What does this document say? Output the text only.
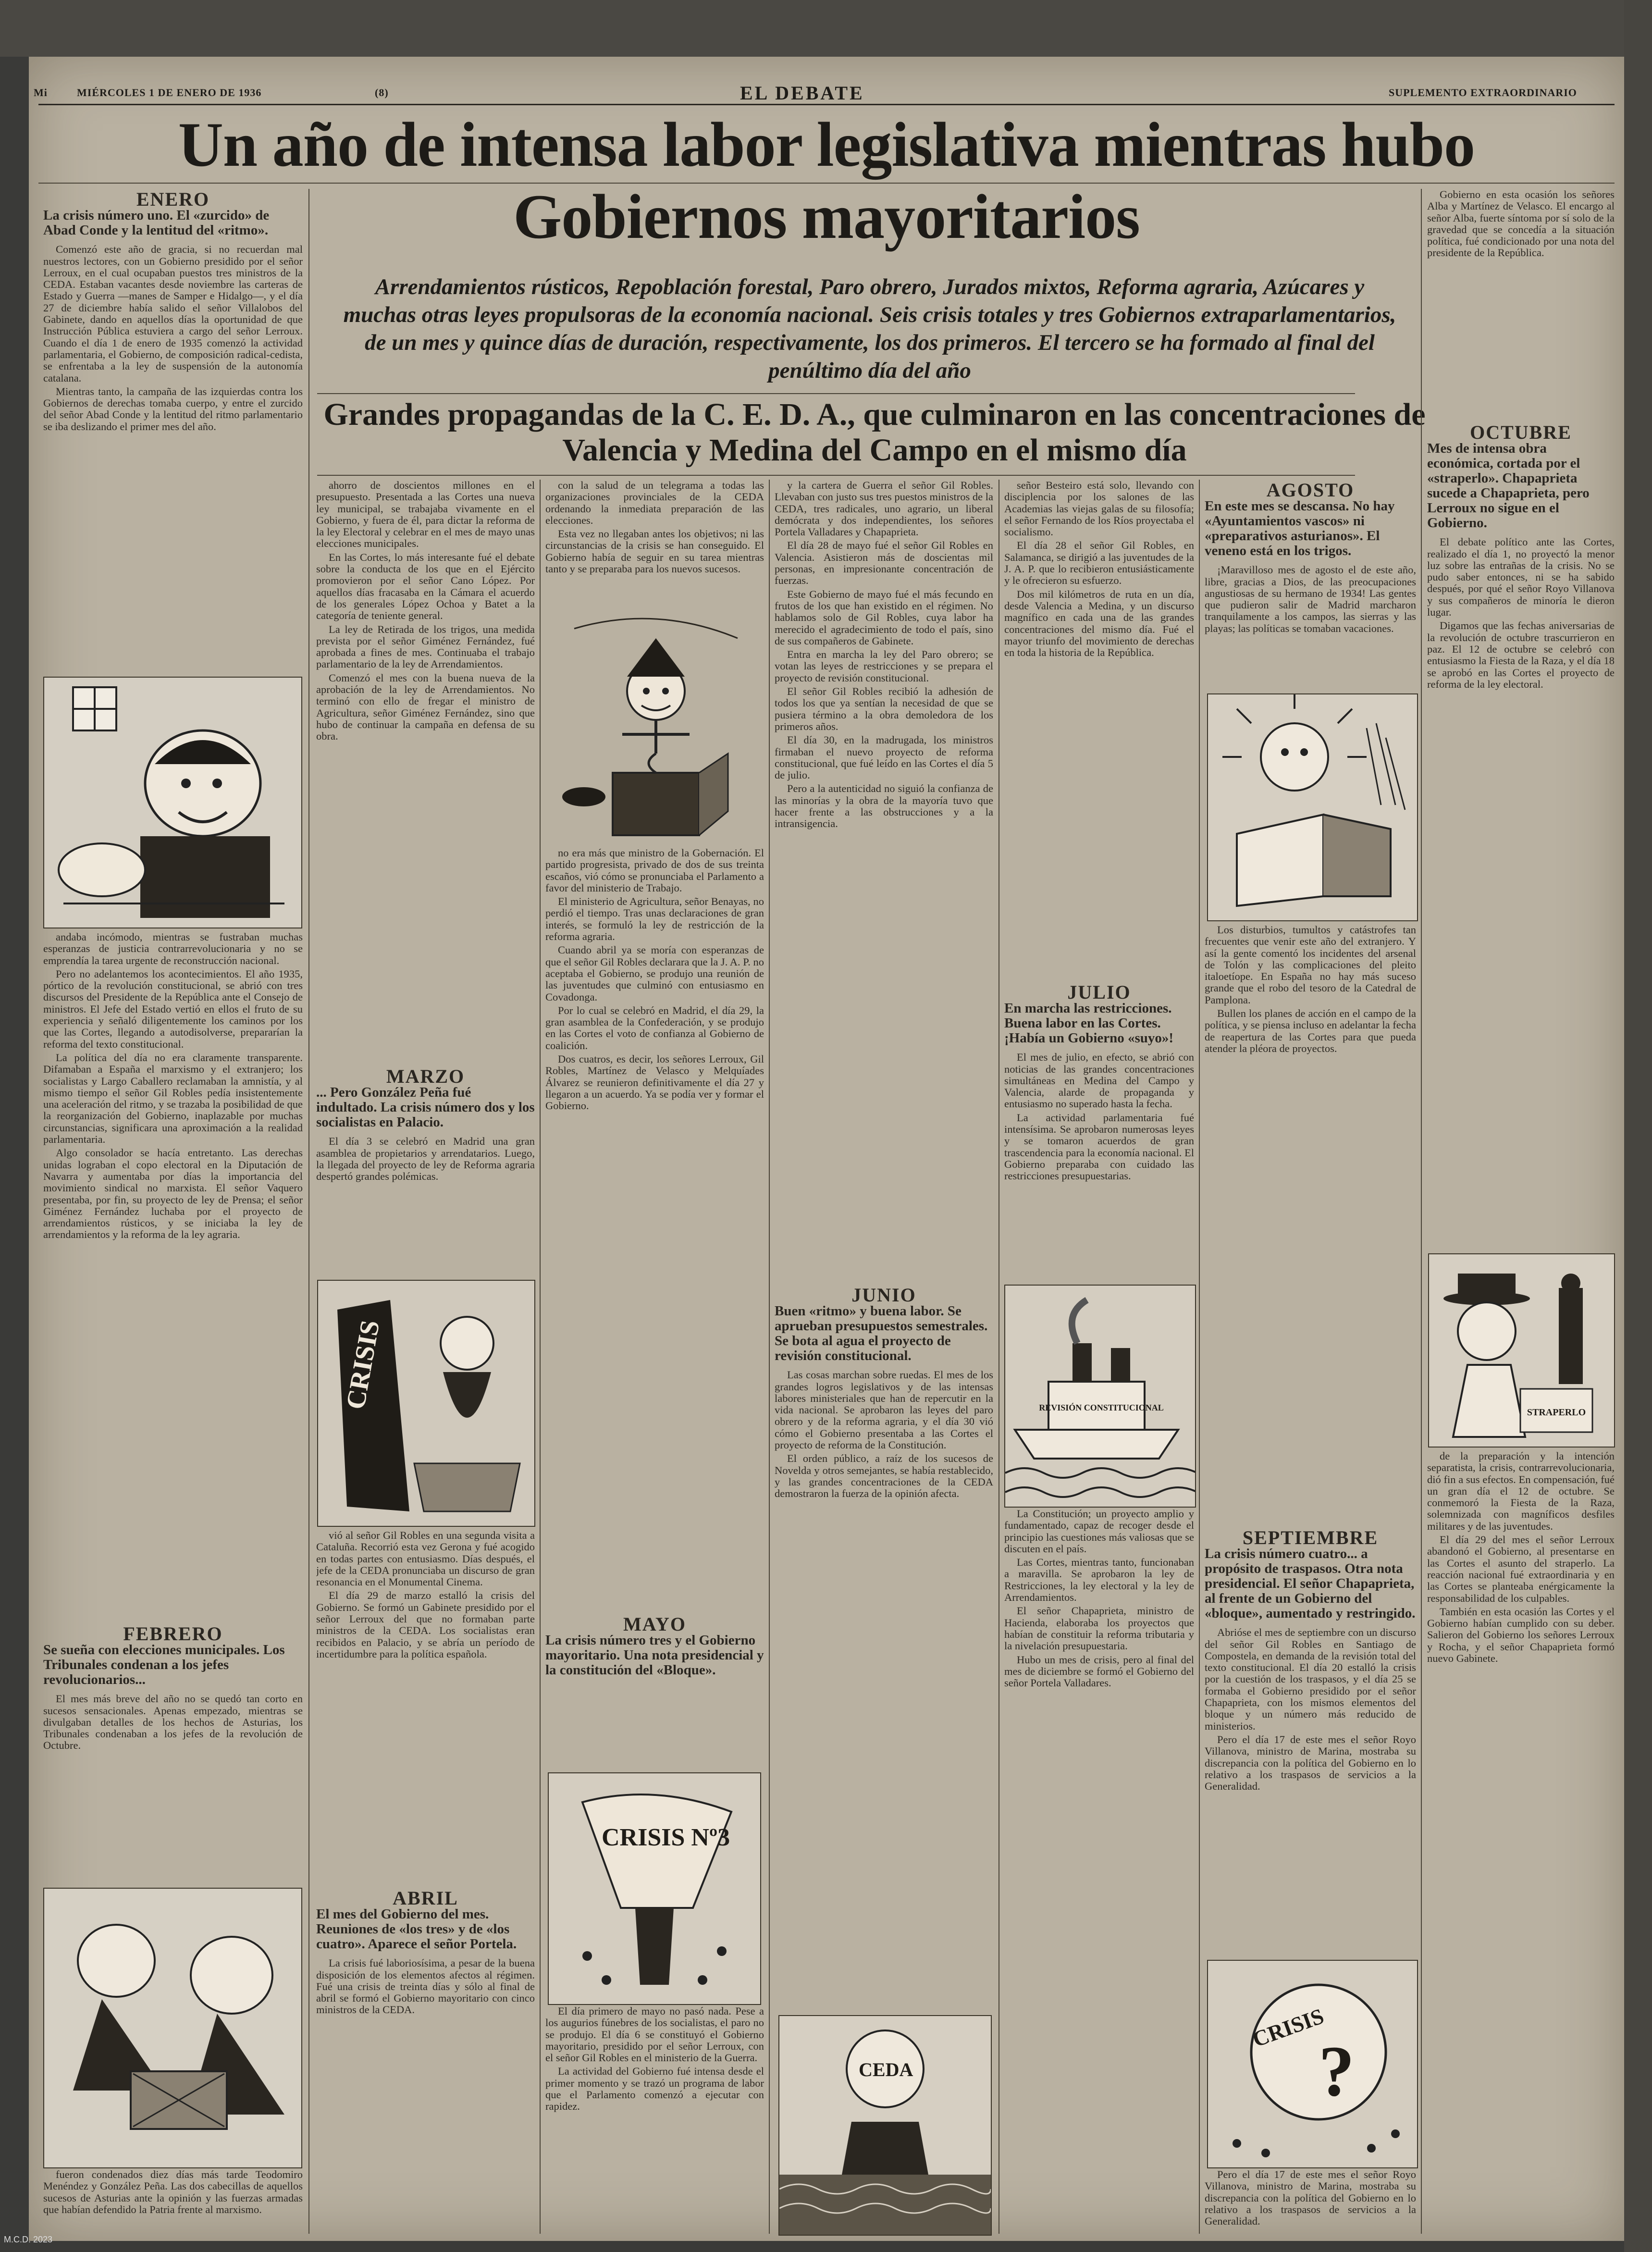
Mi	MIÉRCOLES 1 DE ENERO DE 1936	(8)	EL DEBATE	SUPLEMENTO EXTRAORDINARIO
Un año de intensa labor legislativa mientras hubo Gobiernos mayoritarios
ENERO
La crisis número uno. El «zurcido» de Abad Conde y la lentitud del «ritmo».

Comenzó este año de gracia, si no recuerdan mal nuestros lectores, con un Gobierno presidido por el señor Lerroux, en el cual ocupaban puestos tres ministros de la CEDA. Estaban vacantes desde noviembre las carteras de Estado y Guerra —manes de Samper e Hidalgo—, y el día 27 de diciembre había salido el señor Villalobos del Gabinete, dando en aquellos días la oportunidad de que Instrucción Pública estuviera a cargo del señor Lerroux. Cuando el día 1 de enero de 1935 comenzó la actividad parlamentaria, el Gobierno, de composición radical-cedista, se enfrentaba a la ley de suspensión de la autonomía catalana.

Mientras tanto, la campaña de las izquierdas contra los Gobiernos de derechas tomaba cuerpo, y entre el zurcido del señor Abad Conde y la lentitud del ritmo parlamentario se iba deslizando el primer mes del año.

andaba incómodo, mientras se fustraban muchas esperanzas de justicia contrarrevolucionaria y no se emprendía la tarea urgente de reconstrucción nacional.

Pero no adelantemos los acontecimientos. El año 1935, pórtico de la revolución constitucional, se abrió con tres discursos del Presidente de la República ante el Consejo de ministros. El Jefe del Estado vertió en ellos el fruto de su experiencia y señaló diligentemente los caminos por los que las Cortes, llegando a autodisolverse, prepararían la reforma del texto constitucional.

La política del día no era claramente transparente. Difamaban a España el marxismo y el extranjero; los socialistas y Largo Caballero reclamaban la amnistía, y al mismo tiempo el señor Gil Robles pedía insistentemente una aceleración del ritmo, y se trazaba la posibilidad de que la reorganización del Gobierno, inaplazable por muchas circunstancias, significara una aproximación a la realidad parlamentaria.

Algo consolador se hacía entretanto. Las derechas unidas lograban el copo electoral en la Diputación de Navarra y aumentaba por días la importancia del movimiento sindical no marxista. El señor Vaquero presentaba, por fin, su proyecto de ley de Prensa; el señor Giménez Fernández luchaba por el proyecto de arrendamientos rústicos, y se iniciaba la ley de arrendamientos y la reforma de la ley agraria.

FEBRERO
Se sueña con elecciones municipales. Los Tribunales condenan a los jefes revolucionarios...

El mes más breve del año no se quedó tan corto en sucesos sensacionales. Apenas empezado, mientras se divulgaban detalles de los hechos de Asturias, los Tribunales condenaban a los jefes de la revolución de Octubre.

fueron condenados diez días más tarde Teodomiro Menéndez y González Peña. Las dos cabecillas de aquellos sucesos de Asturias ante la opinión y las fuerzas armadas que habían defendido la Patria frente al marxismo.

Arrendamientos rústicos, Repoblación forestal, Paro obrero, Jurados mixtos, Reforma agraria, Azúcares y muchas otras leyes propulsoras de la economía nacional. Seis crisis totales y tres Gobiernos extraparlamentarios, de un mes y quince días de duración, respectivamente, los dos primeros. El tercero se ha formado al final del penúltimo día del año
Grandes propagandas de la C. E. D. A., que culminaron en las concentraciones de Valencia y Medina del Campo en el mismo día

ahorro de doscientos millones en el presupuesto. Presentada a las Cortes una nueva ley municipal, se trabajaba vivamente en el Gobierno, y fuera de él, para dictar la reforma de la ley Electoral y celebrar en el mes de mayo unas elecciones municipales.

En las Cortes, lo más interesante fué el debate sobre la conducta de los que en el Ejército promovieron por el señor Cano López. Por aquellos días fracasaba en la Cámara el acuerdo de los generales López Ochoa y Batet a la categoría de teniente general.

La ley de Retirada de los trigos, una medida prevista por el señor Giménez Fernández, fué aprobada a fines de mes. Continuaba el trabajo parlamentario de la ley de Arrendamientos.

Comenzó el mes con la buena nueva de la aprobación de la ley de Arrendamientos. No terminó con ello de fregar el ministro de Agricultura, señor Giménez Fernández, sino que hubo de continuar la campaña en defensa de su obra.

MARZO
... Pero González Peña fué indultado. La crisis número dos y los socialistas en Palacio.

El día 3 se celebró en Madrid una gran asamblea de propietarios y arrendatarios. Luego, la llegada del proyecto de ley de Reforma agraria despertó grandes polémicas.

CRISIS

vió al señor Gil Robles en una segunda visita a Cataluña. Recorrió esta vez Gerona y fué acogido en todas partes con entusiasmo. Días después, el jefe de la CEDA pronunciaba un discurso de gran resonancia en el Monumental Cinema.

El día 29 de marzo estalló la crisis del Gobierno. Se formó un Gabinete presidido por el señor Lerroux del que no formaban parte ministros de la CEDA. Los socialistas eran recibidos en Palacio, y se abría un período de incertidumbre para la política española.

ABRIL
El mes del Gobierno del mes. Reuniones de «los tres» y de «los cuatro». Aparece el señor Portela.

La crisis fué laboriosísima, a pesar de la buena disposición de los elementos afectos al régimen. Fué una crisis de treinta días y sólo al final de abril se formó el Gobierno mayoritario con cinco ministros de la CEDA.

con la salud de un telegrama a todas las organizaciones provinciales de la CEDA ordenando la inmediata preparación de las elecciones.

Esta vez no llegaban antes los objetivos; ni las circunstancias de la crisis se han conseguido. El Gobierno había de seguir en su tarea mientras tanto y se preparaba para los nuevos sucesos.

no era más que ministro de la Gobernación. El partido progresista, privado de dos de sus treinta escaños, vió cómo se pronunciaba el Parlamento a favor del ministerio de Trabajo.

El ministerio de Agricultura, señor Benayas, no perdió el tiempo. Tras unas declaraciones de gran interés, se formuló la ley de restricción de la reforma agraria.

Cuando abril ya se moría con esperanzas de que el señor Gil Robles declarara que la J. A. P. no aceptaba el Gobierno, se produjo una reunión de las juventudes que culminó con entusiasmo en Covadonga.

Por lo cual se celebró en Madrid, el día 29, la gran asamblea de la Confederación, y se produjo en las Cortes el voto de confianza al Gobierno de coalición.

Dos cuatros, es decir, los señores Lerroux, Gil Robles, Martínez de Velasco y Melquíades Álvarez se reunieron definitivamente el día 27 y llegaron a un acuerdo. Ya se podía ver y formar el Gobierno.

MAYO
La crisis número tres y el Gobierno mayoritario. Una nota presidencial y la constitución del «Bloque».
CRISIS Nº3

El día primero de mayo no pasó nada. Pese a los augurios fúnebres de los socialistas, el paro no se produjo. El día 6 se constituyó el Gobierno mayoritario, presidido por el señor Lerroux, con el señor Gil Robles en el ministerio de la Guerra.

La actividad del Gobierno fué intensa desde el primer momento y se trazó un programa de labor que el Parlamento comenzó a ejecutar con rapidez.

y la cartera de Guerra el señor Gil Robles. Llevaban con justo sus tres puestos ministros de la CEDA, tres radicales, uno agrario, un liberal demócrata y dos independientes, los señores Portela Valladares y Chapaprieta.

El día 28 de mayo fué el señor Gil Robles en Valencia. Asistieron más de doscientas mil personas, en impresionante concentración de fuerzas.

Este Gobierno de mayo fué el más fecundo en frutos de los que han existido en el régimen. No hablamos solo de Gil Robles, cuya labor ha merecido el agradecimiento de todo el país, sino de sus compañeros de Gabinete.

Entra en marcha la ley del Paro obrero; se votan las leyes de restricciones y se prepara el proyecto de revisión constitucional.

El señor Gil Robles recibió la adhesión de todos los que ya sentían la necesidad de que se pusiera término a la obra demoledora de los primeros años.

El día 30, en la madrugada, los ministros firmaban el nuevo proyecto de reforma constitucional, que fué leído en las Cortes el día 5 de julio.

Pero a la autenticidad no siguió la confianza de las minorías y la obra de la mayoría tuvo que hacer frente a las obstrucciones y a la intransigencia.

JUNIO
Buen «ritmo» y buena labor. Se aprueban presupuestos semestrales. Se bota al agua el proyecto de revisión constitucional.

Las cosas marchan sobre ruedas. El mes de los grandes logros legislativos y de las intensas labores ministeriales que han de repercutir en la vida nacional. Se aprobaron las leyes del paro obrero y de la reforma agraria, y el día 30 vió cómo el Gobierno presentaba a las Cortes el proyecto de reforma de la Constitución.

El orden público, a raíz de los sucesos de Novelda y otros semejantes, se había restablecido, y las grandes concentraciones de la CEDA demostraron la fuerza de la opinión afecta.

CEDA

señor Besteiro está solo, llevando con disciplencia por los salones de las Academias las viejas galas de su filosofía; el señor Fernando de los Ríos proyectaba el socialismo.

El día 28 el señor Gil Robles, en Salamanca, se dirigió a las juventudes de la J. A. P. que lo recibieron entusiásticamente y le ofrecieron su esfuerzo.

Dos mil kilómetros de ruta en un día, desde Valencia a Medina, y un discurso magnífico en cada una de las grandes concentraciones del mismo día. Fué el mayor triunfo del movimiento de derechas en toda la historia de la República.

JULIO
En marcha las restricciones. Buena labor en las Cortes. ¡Había un Gobierno «suyo»!

El mes de julio, en efecto, se abrió con noticias de las grandes concentraciones simultáneas en Medina del Campo y Valencia, alarde de propaganda y entusiasmo no superado hasta la fecha.

La actividad parlamentaria fué intensísima. Se aprobaron numerosas leyes y se tomaron acuerdos de gran trascendencia para la economía nacional. El Gobierno preparaba con cuidado las restricciones presupuestarias.

REVISIÓN CONSTITUCIONAL

La Constitución; un proyecto amplio y fundamentado, capaz de recoger desde el principio las cuestiones más valiosas que se discuten en el país.

Las Cortes, mientras tanto, funcionaban a maravilla. Se aprobaron la ley de Restricciones, la ley electoral y la ley de Arrendamientos.

El señor Chapaprieta, ministro de Hacienda, elaboraba los proyectos que habían de constituir la reforma tributaria y la nivelación presupuestaria.

Hubo un mes de crisis, pero al final del mes de diciembre se formó el Gobierno del señor Portela Valladares.

AGOSTO
En este mes se descansa. No hay «Ayuntamientos vascos» ni «preparativos asturianos». El veneno está en los trigos.

¡Maravilloso mes de agosto el de este año, libre, gracias a Dios, de las preocupaciones angustiosas de su hermano de 1934! Las gentes que pudieron salir de Madrid marcharon tranquilamente a los campos, las sierras y las playas; las políticas se tomaban vacaciones.

Los disturbios, tumultos y catástrofes tan frecuentes que venir este año del extranjero. Y así la gente comentó los incidentes del arsenal de Tolón y las complicaciones del pleito italoetíope. En España no hay más suceso grande que el robo del tesoro de la Catedral de Pamplona.

Bullen los planes de acción en el campo de la política, y se piensa incluso en adelantar la fecha de reapertura de las Cortes para que pueda atender la pléora de proyectos.

SEPTIEMBRE
La crisis número cuatro... a propósito de traspasos. Otra nota presidencial. El señor Chapaprieta, al frente de un Gobierno del «bloque», aumentado y restringido.

Abrióse el mes de septiembre con un discurso del señor Gil Robles en Santiago de Compostela, en demanda de la revisión total del texto constitucional. El día 20 estalló la crisis por la cuestión de los traspasos, y el día 25 se formaba el Gobierno presidido por el señor Chapaprieta, con los mismos elementos del bloque y un número más reducido de ministerios.

Pero el día 17 de este mes el señor Royo Villanova, ministro de Marina, mostraba su discrepancia con la política del Gobierno en lo relativo a los traspasos de servicios a la Generalidad.

CRISIS
?

Pero el día 17 de este mes el señor Royo Villanova, ministro de Marina, mostraba su discrepancia con la política del Gobierno en lo relativo a los traspasos de servicios a la Generalidad.

Gobierno en esta ocasión los señores Alba y Martínez de Velasco. El encargo al señor Alba, fuerte síntoma por sí solo de la gravedad que se concedía a la situación política, fué condicionado por una nota del presidente de la República.

OCTUBRE
Mes de intensa obra económica, cortada por el «straperlo». Chapaprieta sucede a Chapaprieta, pero Lerroux no sigue en el Gobierno.

El debate político ante las Cortes, realizado el día 1, no proyectó la menor luz sobre las entrañas de la crisis. No se pudo saber entonces, ni se ha sabido después, por qué el señor Royo Villanova y sus compañeros de minoría le dieron lugar.

Digamos que las fechas aniversarias de la revolución de octubre trascurrieron en paz. El 12 de octubre se celebró con entusiasmo la Fiesta de la Raza, y el día 18 se aprobó en las Cortes el proyecto de reforma de la ley electoral.

STRAPERLO

de la preparación y la intención separatista, la crisis, contrarrevolucionaria, dió fin a sus efectos. En compensación, fué un gran día el 12 de octubre. Se conmemoró la Fiesta de la Raza, solemnizada con magníficos desfiles militares y de las juventudes.

El día 29 del mes el señor Lerroux abandonó el Gobierno, al presentarse en las Cortes el asunto del straperlo. La reacción nacional fué extraordinaria y en las Cortes se planteaba enérgicamente la responsabilidad de los culpables.

También en esta ocasión las Cortes y el Gobierno habían cumplido con su deber. Salieron del Gobierno los señores Lerroux y Rocha, y el señor Chapaprieta formó nuevo Gabinete.

M.C.D. 2023
